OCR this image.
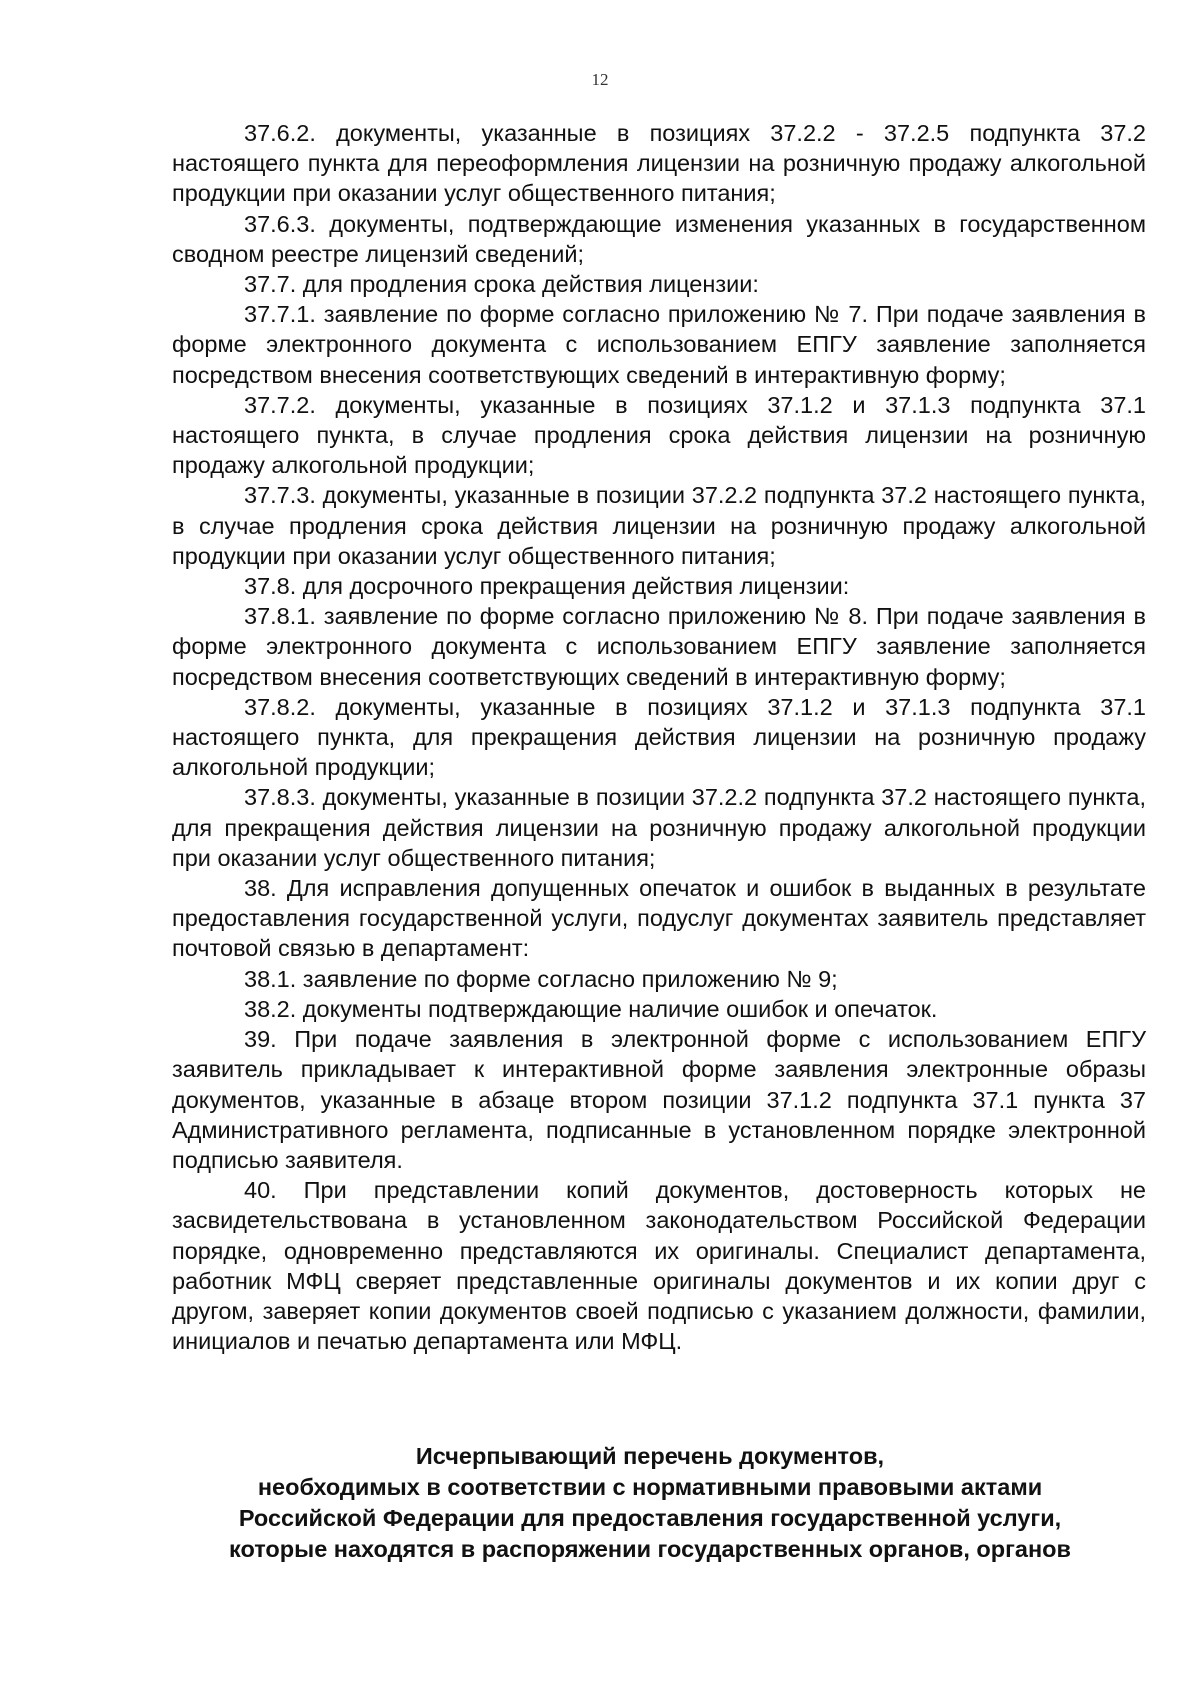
12

37.6.2. документы, указанные в позициях 37.2.2 - 37.2.5 подпункта 37.2 настоящего пункта для переоформления лицензии на розничную продажу алкогольной продукции при оказании услуг общественного питания;

37.6.3. документы, подтверждающие изменения указанных в государственном сводном реестре лицензий сведений;

37.7. для продления срока действия лицензии:

37.7.1. заявление по форме согласно приложению № 7. При подаче заявления в форме электронного документа с использованием ЕПГУ заявление заполняется посредством внесения соответствующих сведений в интерактивную форму;

37.7.2. документы, указанные в позициях 37.1.2 и 37.1.3 подпункта 37.1 настоящего пункта, в случае продления срока действия лицензии на розничную продажу алкогольной продукции;

37.7.3. документы, указанные в позиции 37.2.2 подпункта 37.2 настоящего пункта, в случае продления срока действия лицензии на розничную продажу алкогольной продукции при оказании услуг общественного питания;

37.8. для досрочного прекращения действия лицензии:

37.8.1. заявление по форме согласно приложению № 8. При подаче заявления в форме электронного документа с использованием ЕПГУ заявление заполняется посредством внесения соответствующих сведений в интерактивную форму;

37.8.2. документы, указанные в позициях 37.1.2 и 37.1.3 подпункта 37.1 настоящего пункта, для прекращения действия лицензии на розничную продажу алкогольной продукции;

37.8.3. документы, указанные в позиции 37.2.2 подпункта 37.2 настоящего пункта, для прекращения действия лицензии на розничную продажу алкогольной продукции при оказании услуг общественного питания;

38. Для исправления допущенных опечаток и ошибок в выданных в результате предоставления государственной услуги, подуслуг документах заявитель представляет почтовой связью в департамент:

38.1. заявление по форме согласно приложению № 9;

38.2. документы подтверждающие наличие ошибок и опечаток.

39. При подаче заявления в электронной форме с использованием ЕПГУ заявитель прикладывает к интерактивной форме заявления электронные образы документов, указанные в абзаце втором позиции 37.1.2 подпункта 37.1 пункта 37 Административного регламента, подписанные в установленном порядке электронной подписью заявителя.

40. При представлении копий документов, достоверность которых не засвидетельствована в установленном законодательством Российской Федерации порядке, одновременно представляются их оригиналы. Специалист департамента, работник МФЦ сверяет представленные оригиналы документов и их копии друг с другом, заверяет копии документов своей подписью с указанием должности, фамилии, инициалов и печатью департамента или МФЦ.

Исчерпывающий перечень документов,
необходимых в соответствии с нормативными правовыми актами
Российской Федерации для предоставления государственной услуги,
которые находятся в распоряжении государственных органов, органов
